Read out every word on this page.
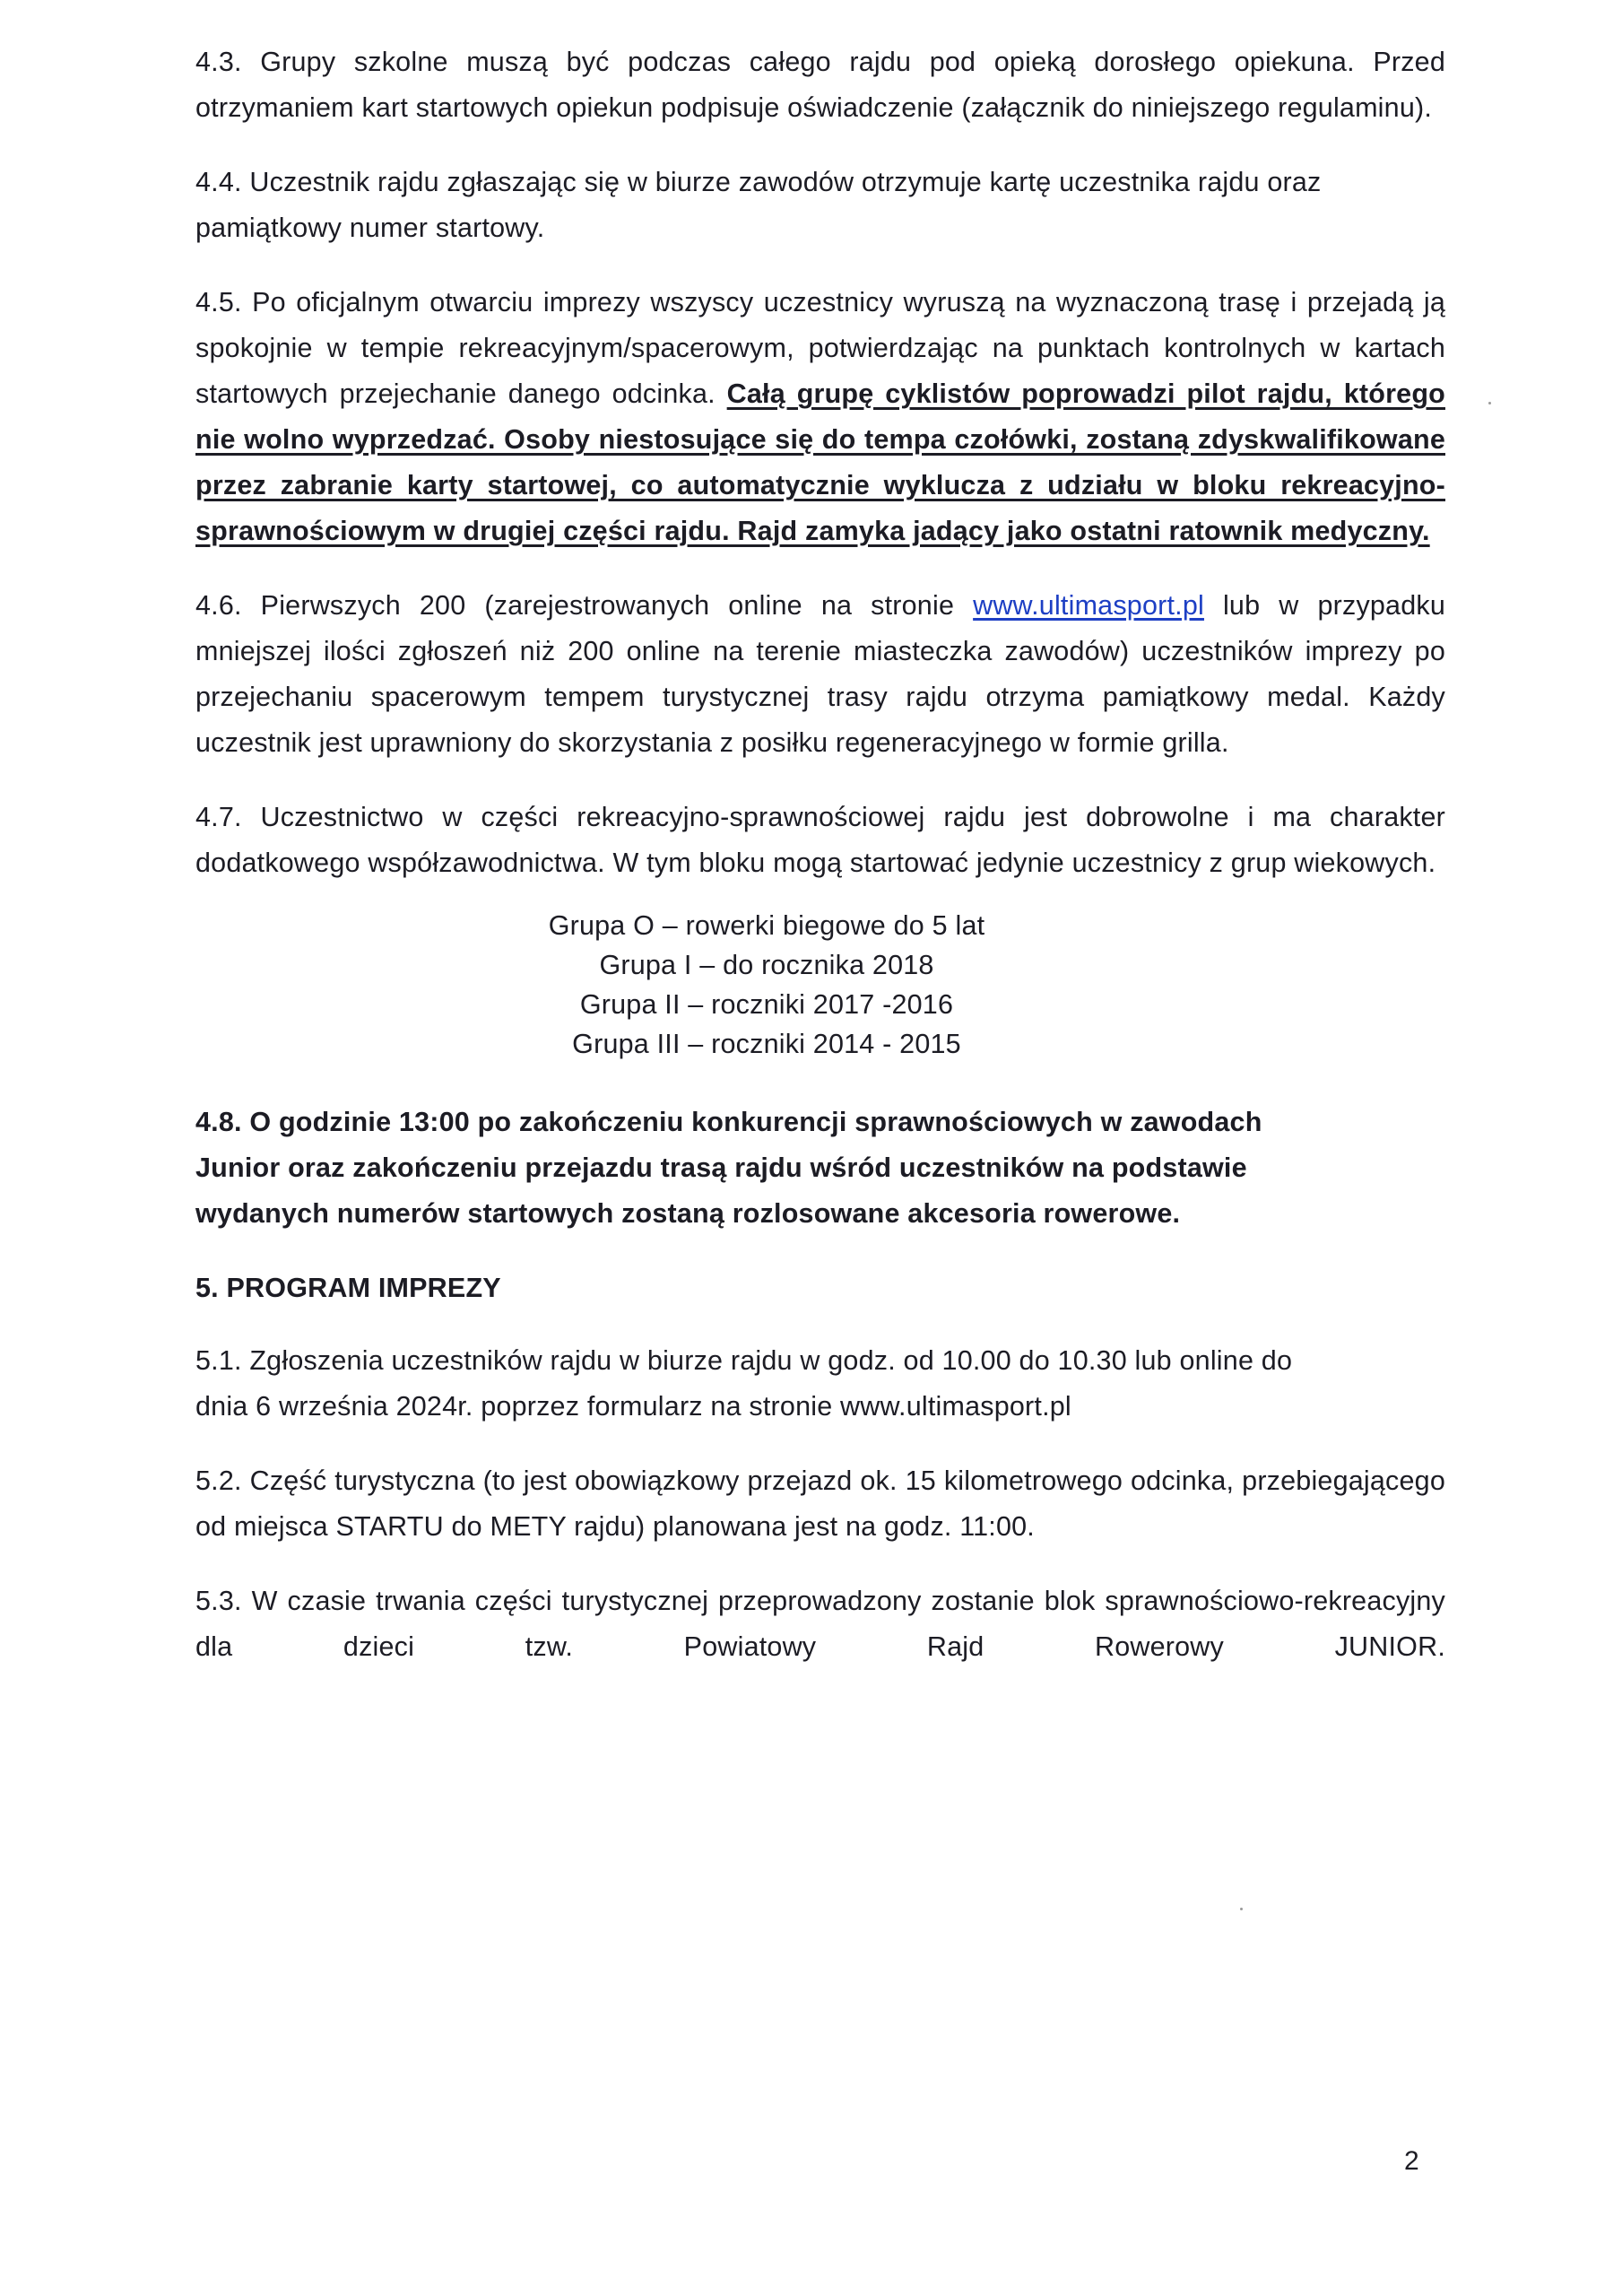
4.3. Grupy szkolne muszą być podczas całego rajdu pod opieką dorosłego opiekuna. Przed otrzymaniem kart startowych opiekun podpisuje oświadczenie (załącznik do niniejszego regulaminu).

4.4. Uczestnik rajdu zgłaszając się w biurze zawodów otrzymuje kartę uczestnika rajdu oraz pamiątkowy numer startowy.

4.5. Po oficjalnym otwarciu imprezy wszyscy uczestnicy wyruszą na wyznaczoną trasę i przejadą ją spokojnie w tempie rekreacyjnym/spacerowym, potwierdzając na punktach kontrolnych w kartach startowych przejechanie danego odcinka. Całą grupę cyklistów poprowadzi pilot rajdu, którego nie wolno wyprzedzać. Osoby niestosujące się do tempa czołówki, zostaną zdyskwalifikowane przez zabranie karty startowej, co automatycznie wyklucza z udziału w bloku rekreacyjno-sprawnościowym w drugiej części rajdu. Rajd zamyka jadący jako ostatni ratownik medyczny.

4.6. Pierwszych 200 (zarejestrowanych online na stronie www.ultimasport.pl lub w przypadku mniejszej ilości zgłoszeń niż 200 online na terenie miasteczka zawodów) uczestników imprezy po przejechaniu spacerowym tempem turystycznej trasy rajdu otrzyma pamiątkowy medal. Każdy uczestnik jest uprawniony do skorzystania z posiłku regeneracyjnego w formie grilla.

4.7. Uczestnictwo w części rekreacyjno-sprawnościowej rajdu jest dobrowolne i ma charakter dodatkowego współzawodnictwa. W tym bloku mogą startować jedynie uczestnicy z grup wiekowych.

Grupa O – rowerki biegowe do 5 lat
Grupa I – do rocznika 2018
Grupa II – roczniki 2017 -2016
Grupa III – roczniki 2014 - 2015

4.8. O godzinie 13:00 po zakończeniu konkurencji sprawnościowych w zawodach Junior oraz zakończeniu przejazdu trasą rajdu wśród uczestników na podstawie wydanych numerów startowych zostaną rozlosowane akcesoria rowerowe.

5. PROGRAM IMPREZY

5.1. Zgłoszenia uczestników rajdu w biurze rajdu w godz. od 10.00 do 10.30 lub online do dnia 6 września 2024r. poprzez formularz na stronie www.ultimasport.pl

5.2. Część turystyczna (to jest obowiązkowy przejazd ok. 15 kilometrowego odcinka, przebiegającego od miejsca STARTU do METY rajdu) planowana jest na godz. 11:00.

5.3. W czasie trwania części turystycznej przeprowadzony zostanie blok sprawnościowo-rekreacyjny dla dzieci tzw. Powiatowy Rajd Rowerowy JUNIOR.

2
